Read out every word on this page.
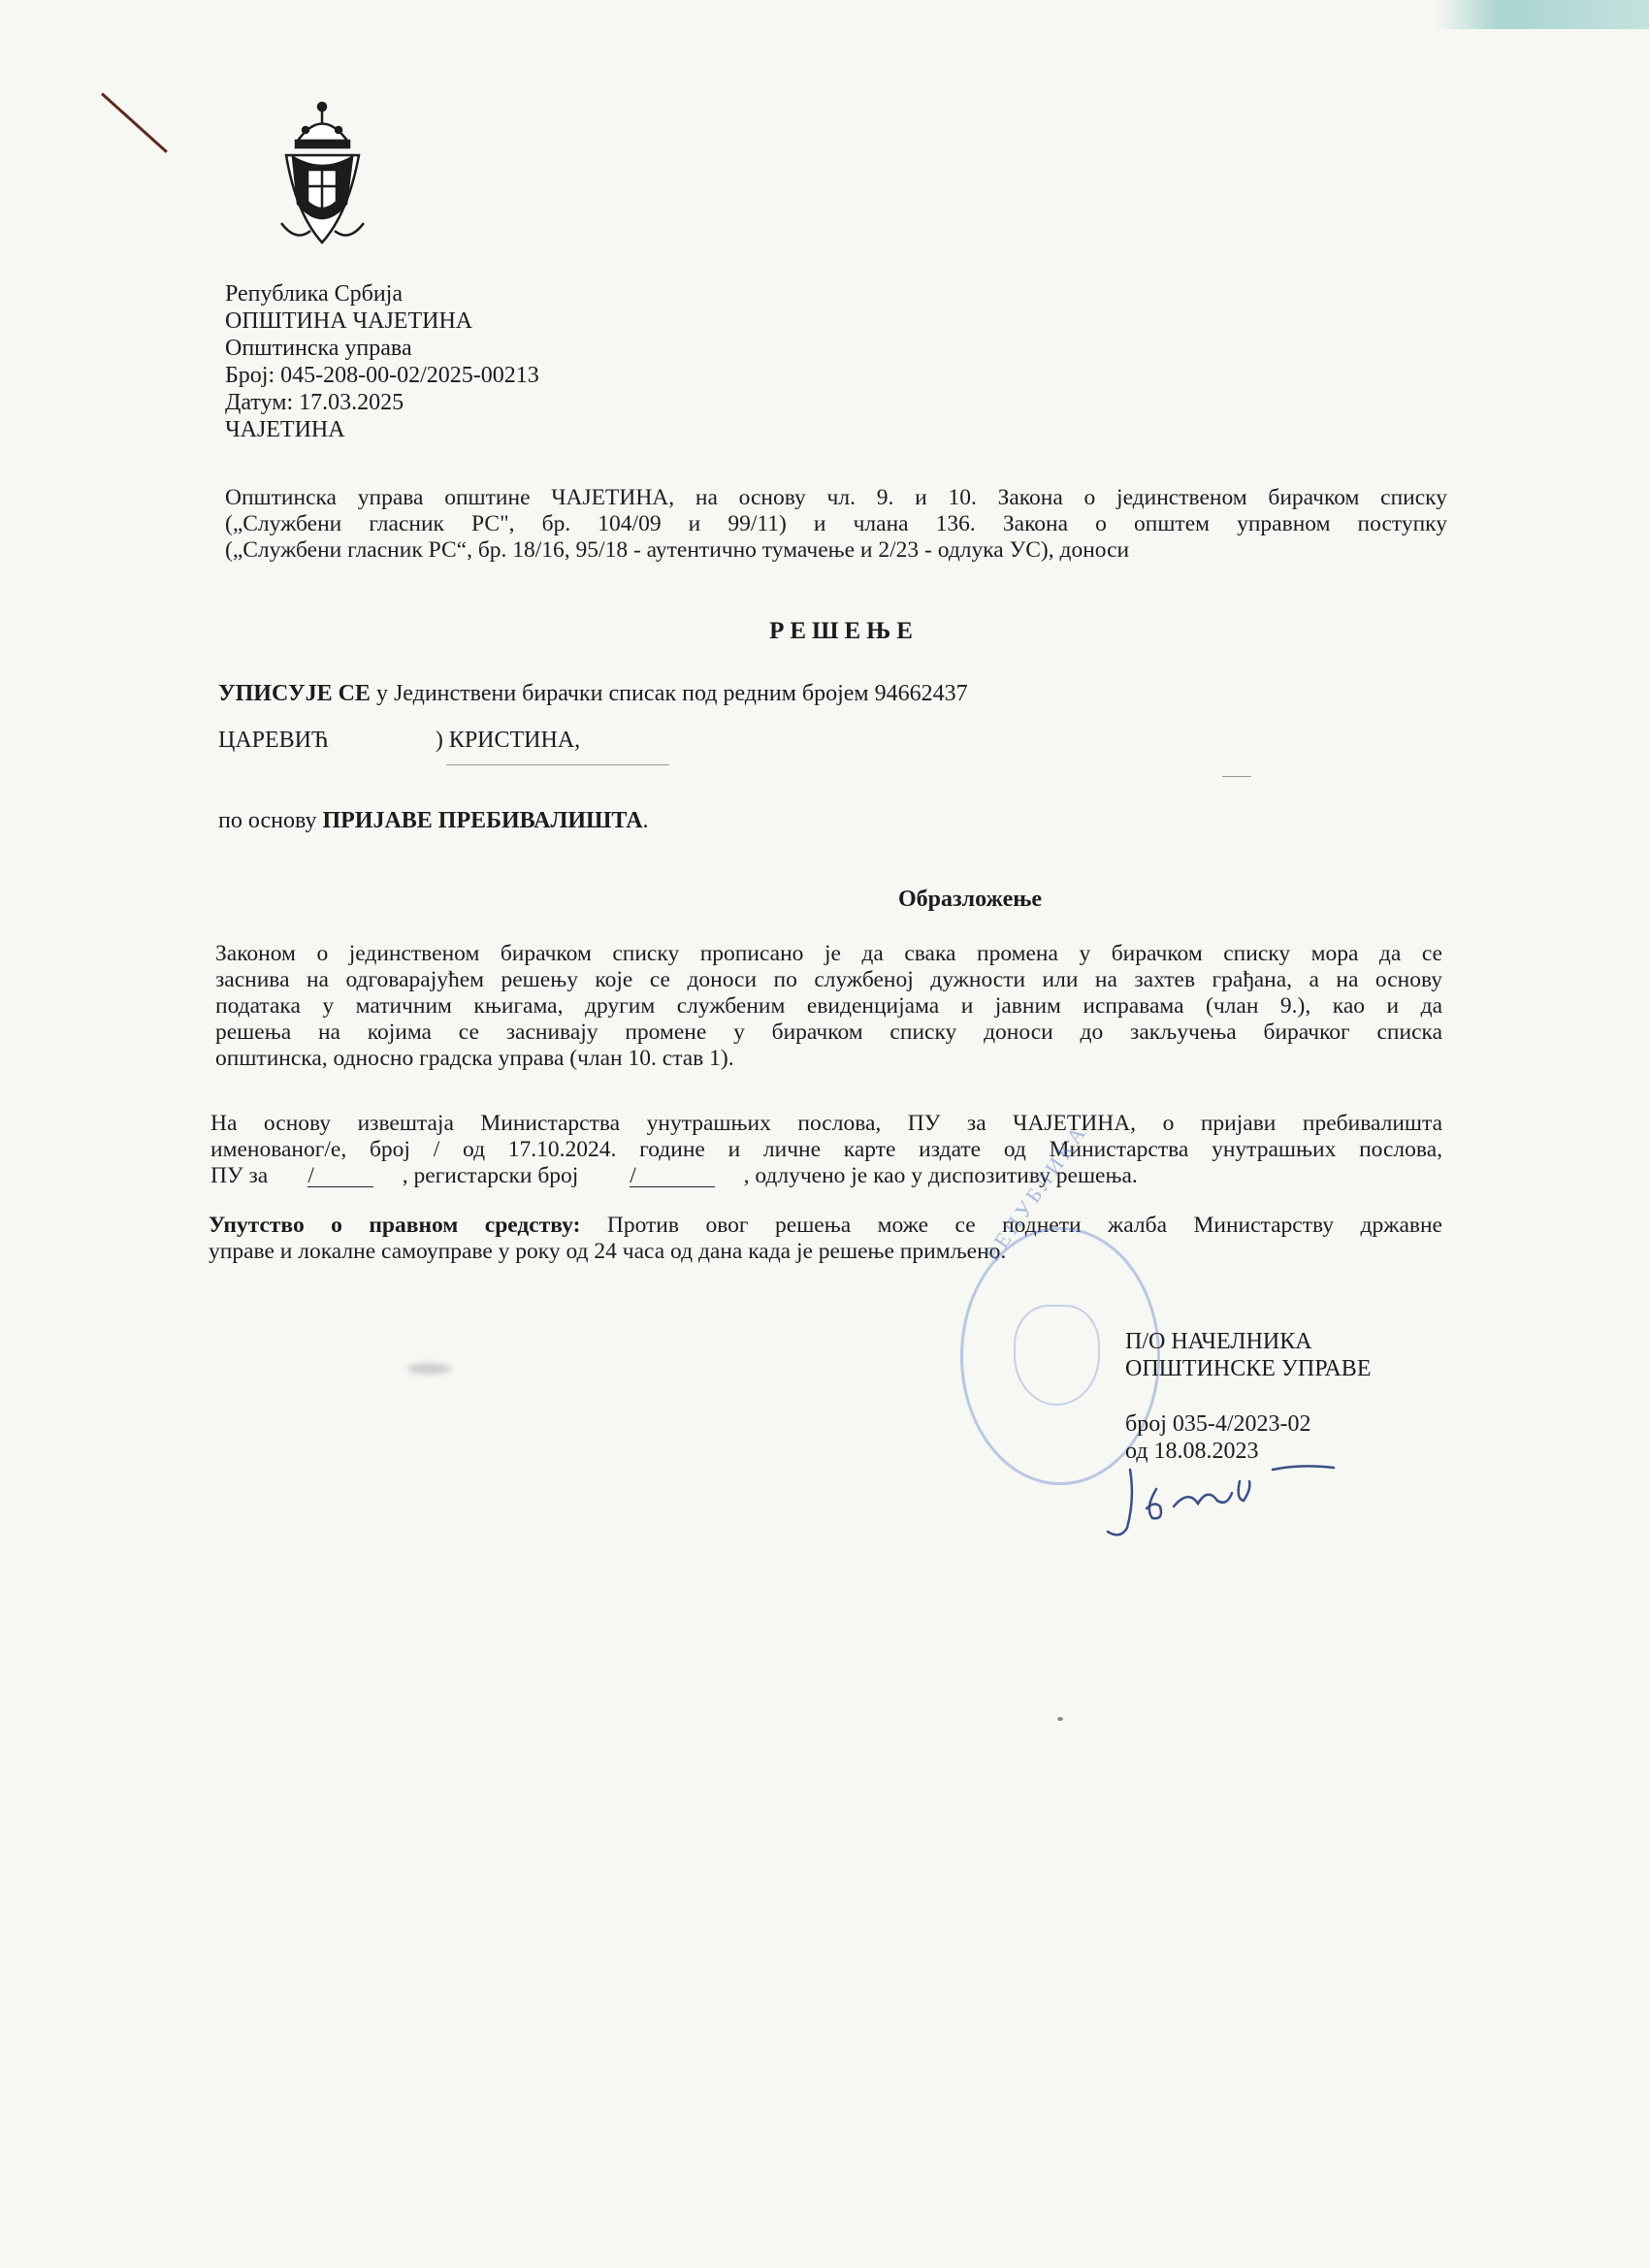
Република Србија
ОПШТИНА ЧАЈЕТИНА
Општинска управа
Број: 045-208-00-02/2025-00213
Датум: 17.03.2025
ЧАЈЕТИНА
Општинска управа општине ЧАЈЕТИНА, на основу чл. 9. и 10. Закона о јединственом бирачком списку
(„Службени гласник РС", бр. 104/09 и 99/11) и члана 136. Закона о општем управном поступку
(„Службени гласник РС“, бр. 18/16, 95/18 - аутентично тумачење и 2/23 - одлука УС), доноси
РЕШЕЊЕ
УПИСУЈЕ СЕ у Јединствени бирачки списак под редним бројем 94662437
ЦАРЕВИЋ	) КРИСТИНА,
по основу ПРИЈАВЕ ПРЕБИВАЛИШТА.
Образложење
Законом о јединственом бирачком списку прописано је да свака промена у бирачком списку мора да се
заснива на одговарајућем решењу које се доноси по службеној дужности или на захтев грађана, а на основу
података у матичним књигама, другим службеним евиденцијама и јавним исправама (члан 9.), као и да
решења на којима се заснивају промене у бирачком списку доноси до закључења бирачког списка
општинска, односно градска управа (члан 10. став 1).
На основу извештаја Министарства унутрашњих послова, ПУ за ЧАЈЕТИНА, о пријави пребивалишта
именованог/е, број / од 17.10.2024. године и личне карте издате од Министарства унутрашњих послова,
ПУ за /	, регистарски број /	, одлучено је као у диспозитиву решења.
Упутство о правном средству: Против овог решења може се поднети жалба Министарству државне
управе и локалне самоуправе у року од 24 часа од дана када је решење примљено.
РЕПУБЛИКА
П/О НАЧЕЛНИКА
ОПШТИНСКЕ УПРАВЕ
број 035-4/2023-02
од 18.08.2023
